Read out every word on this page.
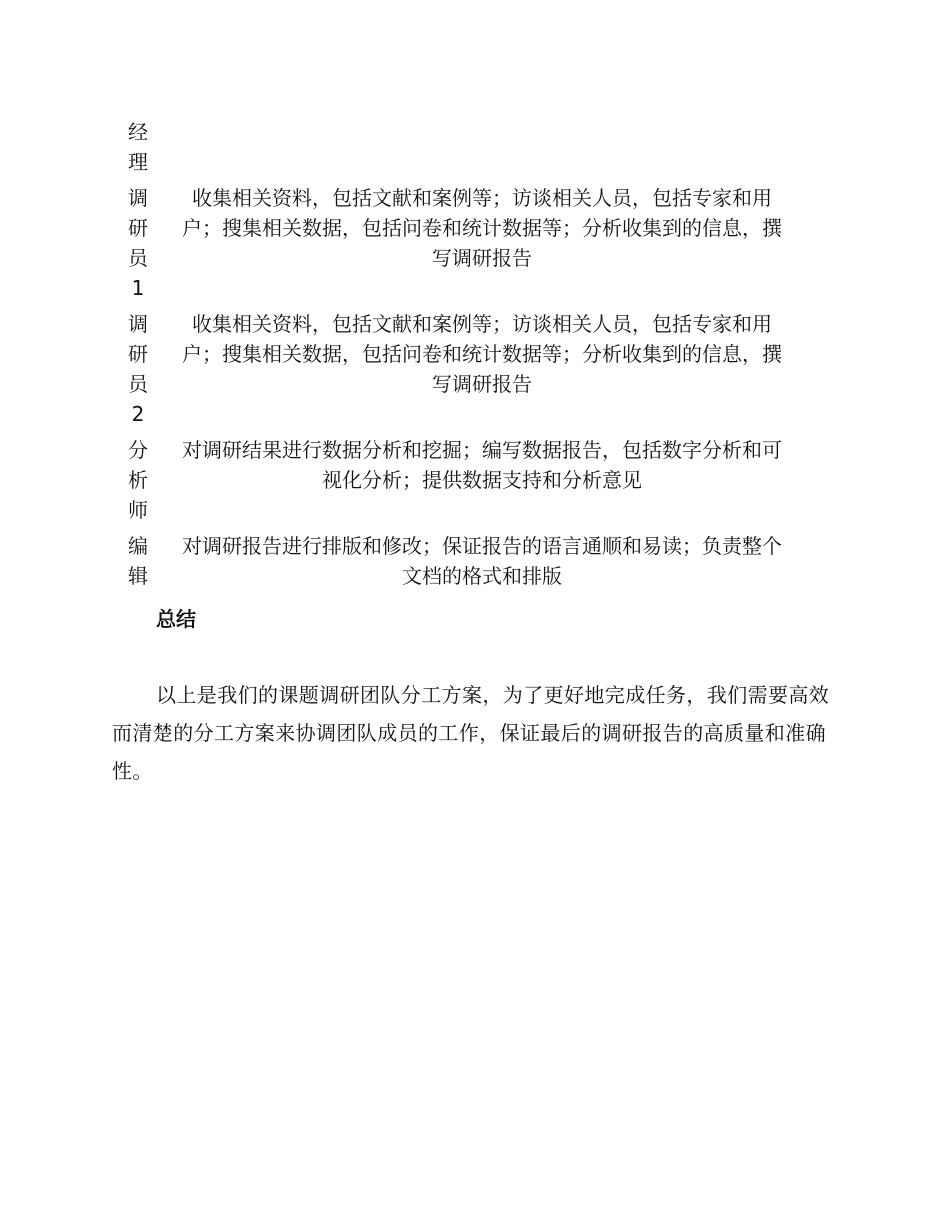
经
理
调
研
员
1
收集相关资料，包括文献和案例等；访谈相关人员，包括专家和用户；搜集相关数据，包括问卷和统计数据等；分析收集到的信息，撰写调研报告
调
研
员
2
收集相关资料，包括文献和案例等；访谈相关人员，包括专家和用户；搜集相关数据，包括问卷和统计数据等；分析收集到的信息，撰写调研报告
分
析
师
对调研结果进行数据分析和挖掘；编写数据报告，包括数字分析和可视化分析；提供数据支持和分析意见
编
辑
对调研报告进行排版和修改；保证报告的语言通顺和易读；负责整个文档的格式和排版
总结

以上是我们的课题调研团队分工方案，为了更好地完成任务，我们需要高效而清楚的分工方案来协调团队成员的工作，保证最后的调研报告的高质量和准确性。
